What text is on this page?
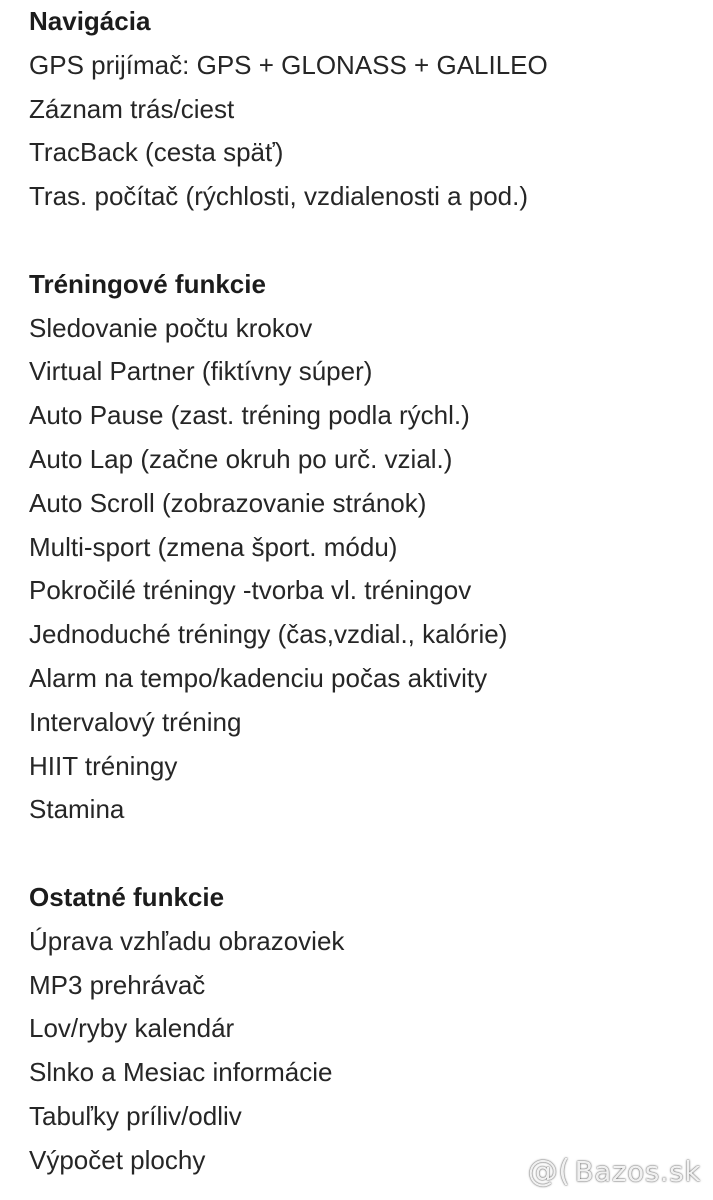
Navigácia
GPS prijímač: GPS + GLONASS + GALILEO
Záznam trás/ciest
TracBack (cesta späť)
Tras. počítač (rýchlosti, vzdialenosti a pod.)
Tréningové funkcie
Sledovanie počtu krokov
Virtual Partner (fiktívny súper)
Auto Pause (zast. tréning podla rýchl.)
Auto Lap (začne okruh po urč. vzial.)
Auto Scroll (zobrazovanie stránok)
Multi-sport (zmena šport. módu)
Pokročilé tréningy -tvorba vl. tréningov
Jednoduché tréningy (čas,vzdial., kalórie)
Alarm na tempo/kadenciu počas aktivity
Intervalový tréning
HIIT tréningy
Stamina
Ostatné funkcie
Úprava vzhľadu obrazoviek
MP3 prehrávač
Lov/ryby kalendár
Slnko a Mesiac informácie
Tabuľky príliv/odliv
Výpočet plochy	@( Bazos.sk
